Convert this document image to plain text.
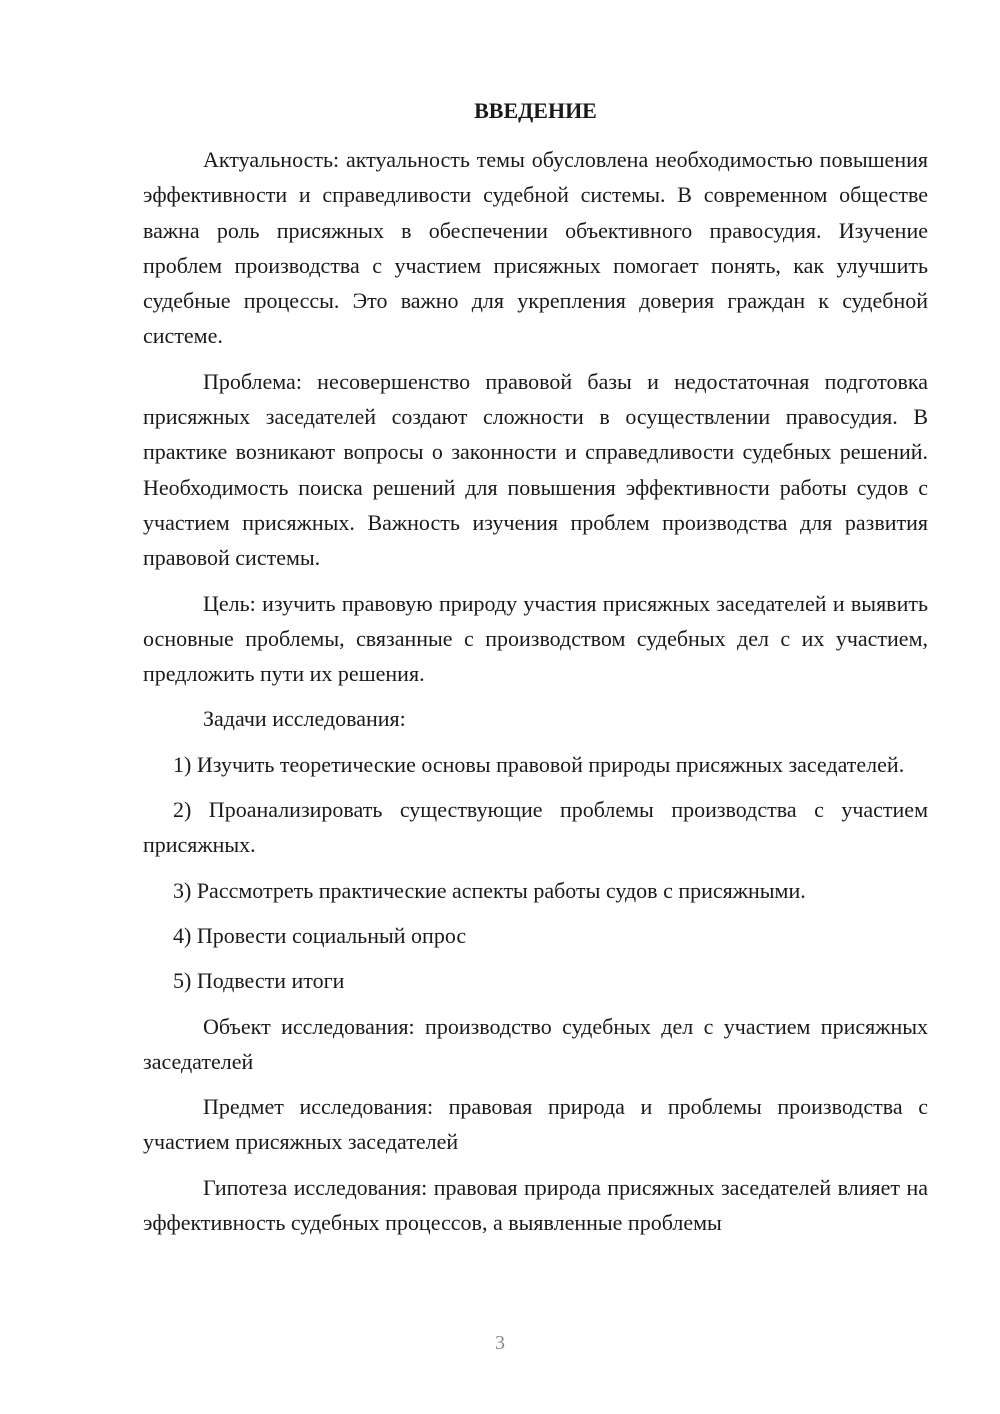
ВВЕДЕНИЕ

Актуальность: актуальность темы обусловлена необходимостью повышения эффективности и справедливости судебной системы. В современном обществе важна роль присяжных в обеспечении объективного правосудия. Изучение проблем производства с участием присяжных помогает понять, как улучшить судебные процессы. Это важно для укрепления доверия граждан к судебной системе.

Проблема: несовершенство правовой базы и недостаточная подготовка присяжных заседателей создают сложности в осуществлении правосудия. В практике возникают вопросы о законности и справедливости судебных решений. Необходимость поиска решений для повышения эффективности работы судов с участием присяжных. Важность изучения проблем производства для развития правовой системы.

Цель: изучить правовую природу участия присяжных заседателей и выявить основные проблемы, связанные с производством судебных дел с их участием, предложить пути их решения.

Задачи исследования:

1) Изучить теоретические основы правовой природы присяжных заседателей.

2) Проанализировать существующие проблемы производства с участием присяжных.

3) Рассмотреть практические аспекты работы судов с присяжными.

4) Провести социальный опрос

5) Подвести итоги

Объект исследования: производство судебных дел с участием присяжных заседателей

Предмет исследования: правовая природа и проблемы производства с участием присяжных заседателей

Гипотеза исследования: правовая природа присяжных заседателей влияет на эффективность судебных процессов, а выявленные проблемы

3
